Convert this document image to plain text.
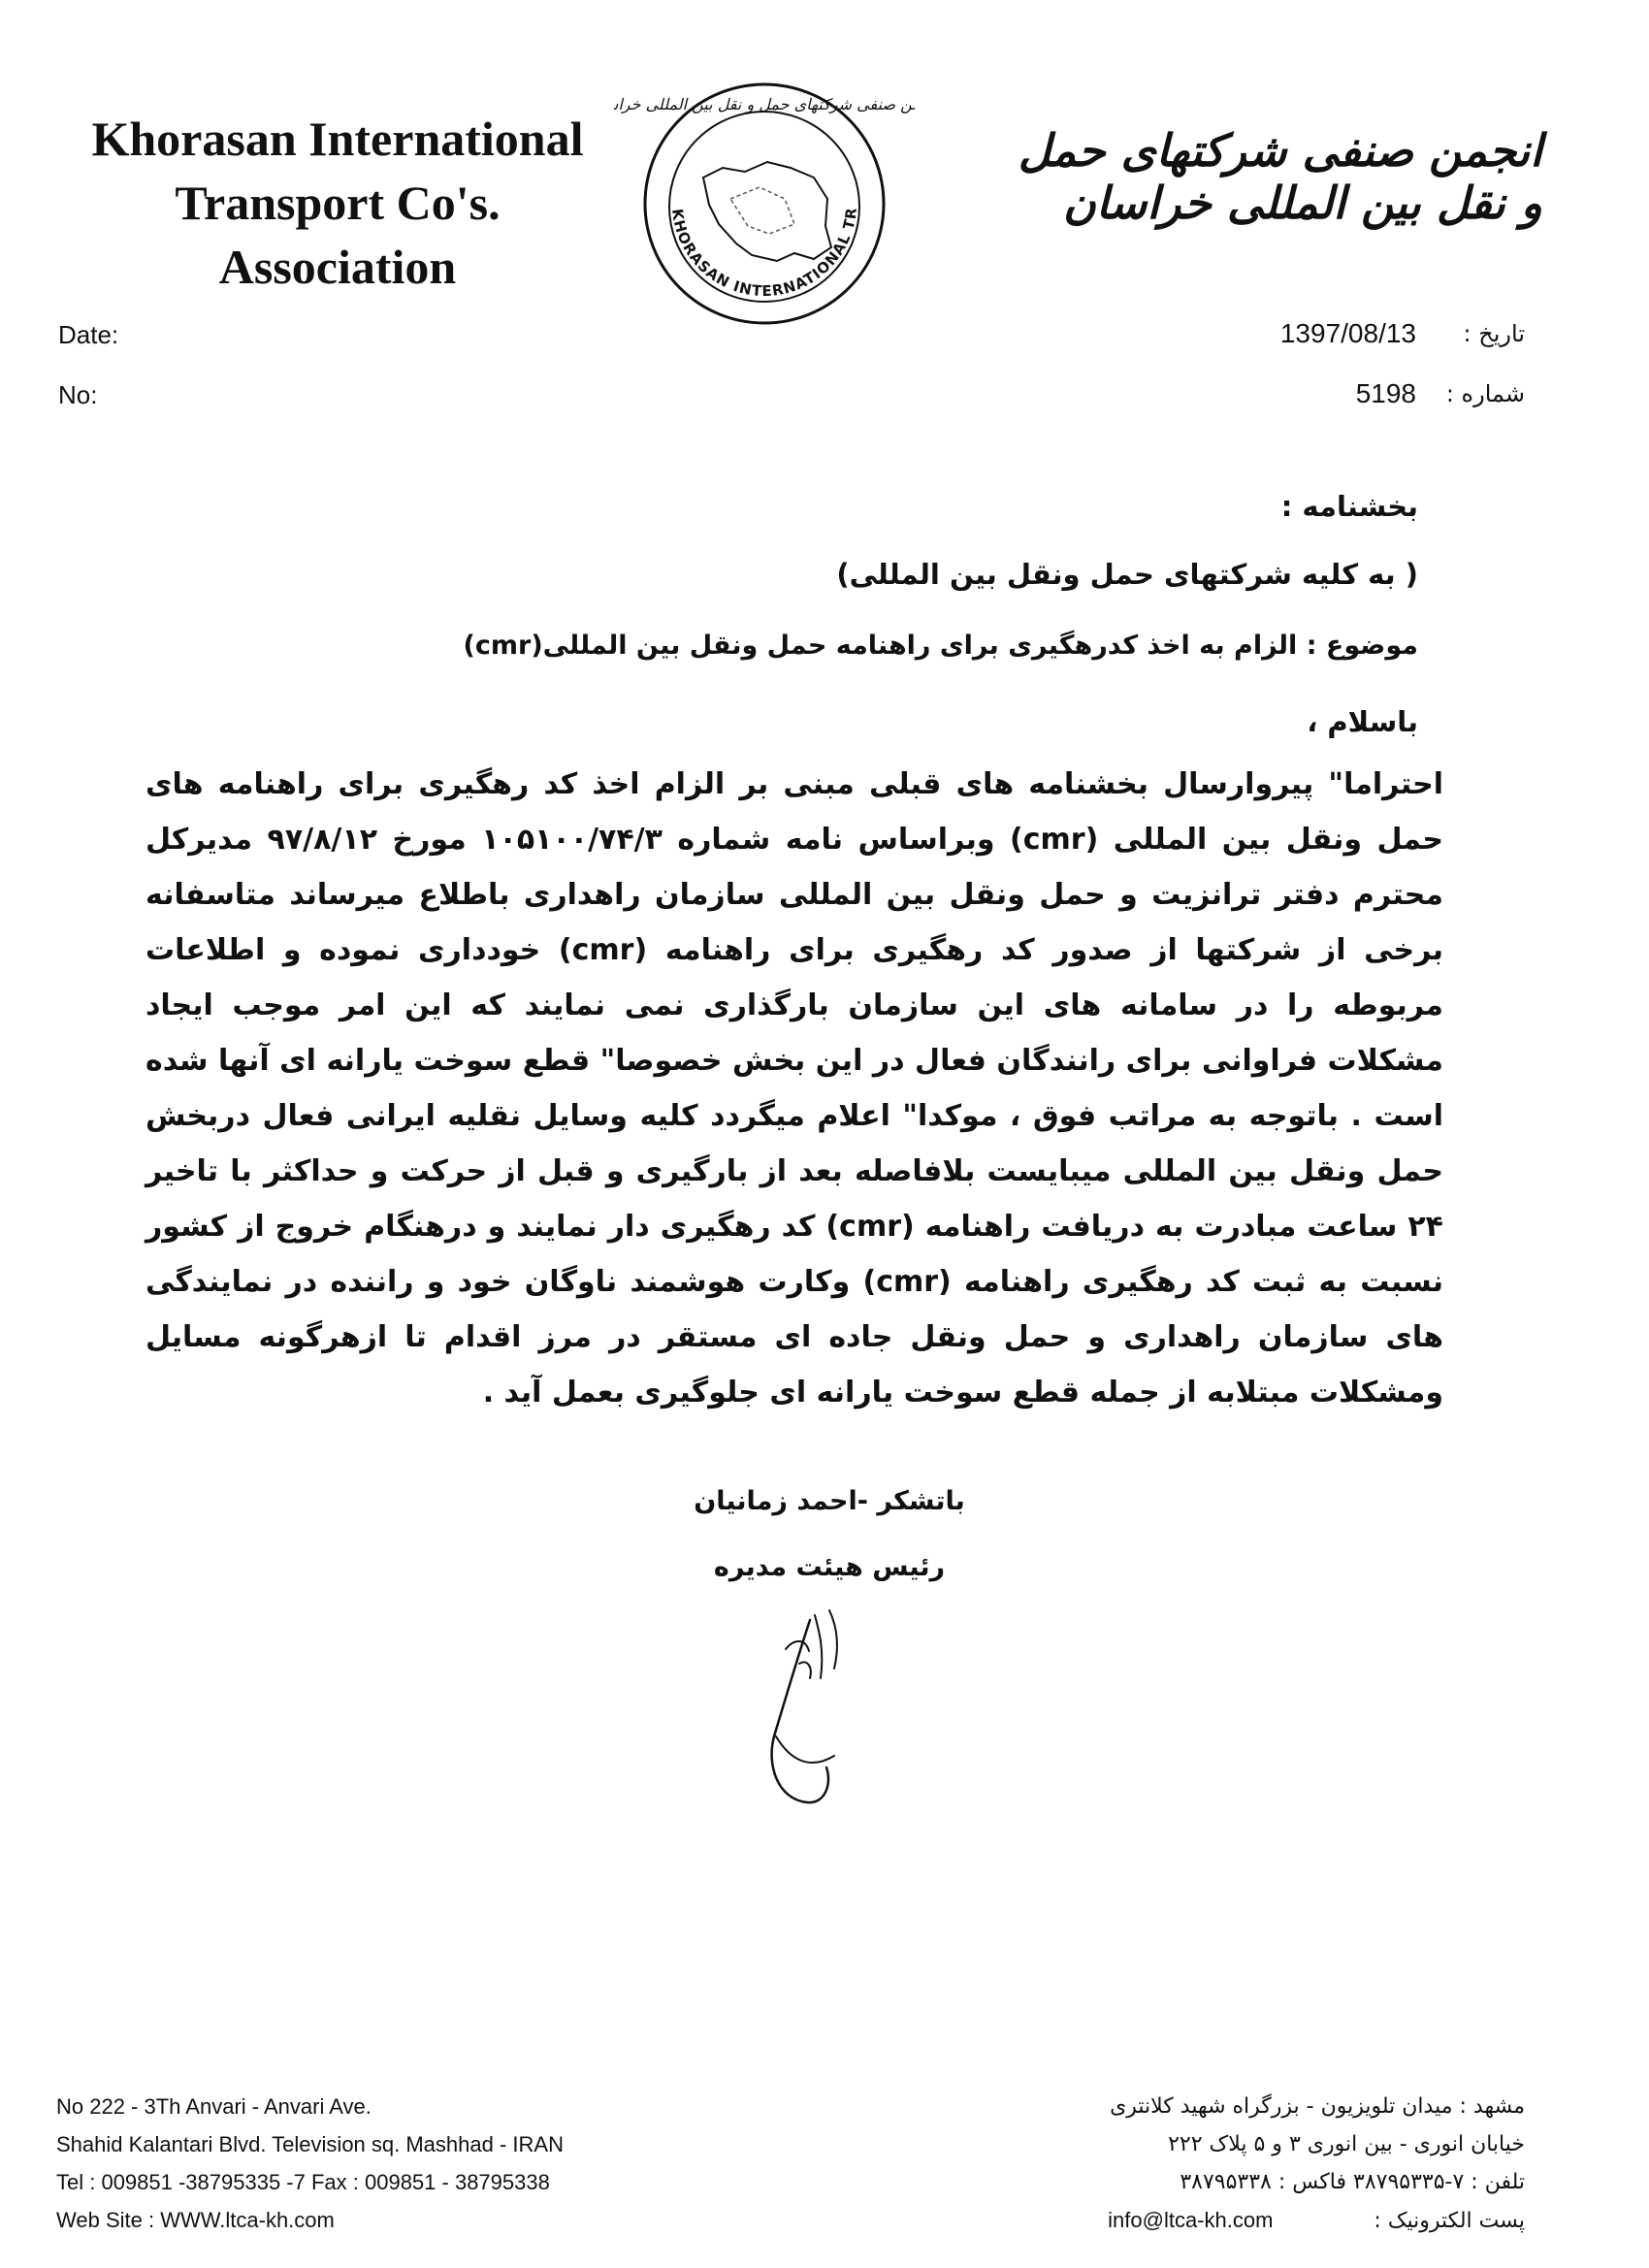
Khorasan International
Transport Co's. Association
KHORASAN INTERNATIONAL TR
ن صنفی شرکتهای حمل و نقل بین المللی خرا
انجمن صنفی شرکتهای حمل و نقل بین المللی خراسان
Date:
No:
1397/08/13
5198
تاریخ :
شماره :
بخشنامه :
( به کلیه شرکتهای حمل ونقل بین المللی)
موضوع : الزام به اخذ کدرهگیری برای راهنامه حمل ونقل بین المللی(cmr)
باسلام ،
احتراما" پیروارسال بخشنامه های قبلی مبنی بر الزام اخذ کد رهگیری برای راهنامه های حمل ونقل بین المللی (cmr) وبراساس نامه شماره ۱۰۵۱۰۰/۷۴/۳ مورخ ۹۷/۸/۱۲ مدیرکل محترم دفتر ترانزیت و حمل ونقل بین المللی سازمان راهداری باطلاع میرساند متاسفانه برخی از شرکتها از صدور کد رهگیری برای راهنامه (cmr) خودداری نموده و اطلاعات مربوطه را در سامانه های این سازمان بارگذاری نمی نمایند که این امر موجب ایجاد مشکلات فراوانی برای رانندگان فعال در این بخش خصوصا" قطع سوخت یارانه ای آنها شده است . باتوجه به مراتب فوق ، موکدا" اعلام میگردد کلیه وسایل نقلیه ایرانی فعال دربخش حمل ونقل بین المللی میبایست بلافاصله بعد از بارگیری و قبل از حرکت و حداکثر با تاخیر ۲۴ ساعت مبادرت به دریافت راهنامه (cmr) کد رهگیری دار نمایند و درهنگام خروج از کشور نسبت به ثبت کد رهگیری راهنامه (cmr) وکارت هوشمند ناوگان خود و راننده در نمایندگی های سازمان راهداری و حمل ونقل جاده ای مستقر در مرز اقدام تا ازهرگونه مسایل ومشکلات مبتلابه از جمله قطع سوخت یارانه ای جلوگیری بعمل آید .
باتشکر -احمد زمانیان
رئیس هیئت مدیره
No 222 - 3Th Anvari - Anvari Ave.
Shahid Kalantari Blvd. Television sq. Mashhad - IRAN
Tel : 009851 -38795335 -7 Fax : 009851 - 38795338
Web Site : WWW.ltca-kh.com
مشهد : میدان تلویزیون - بزرگراه شهید کلانتری
خیابان انوری - بین انوری ۳ و ۵ پلاک ۲۲۲
تلفن : ۷-۳۸۷۹۵۳۳۵ فاکس : ۳۸۷۹۵۳۳۸
پست الکترونیک :  info@ltca-kh.com
